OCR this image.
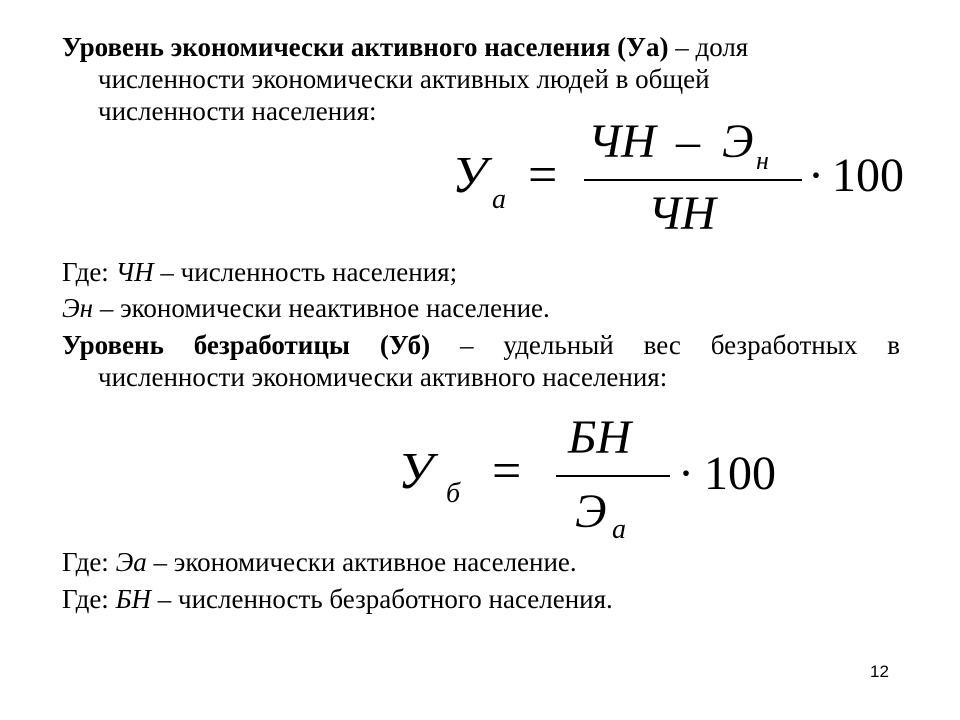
Уровень экономически активного населения (Уа) – доля
численности экономически активных людей в общей
численности населения:
У а =
ЧН – Э н
ЧН
· 100
Где: ЧН – численность населения;
Эн – экономически неактивное население.
Уровень безработицы (Уб) – удельный вес безработных в
численности экономически активного населения:
У б =
БН
Э а
· 100
Где: Эа – экономически активное население.
Где: БН – численность безработного населения.
12
